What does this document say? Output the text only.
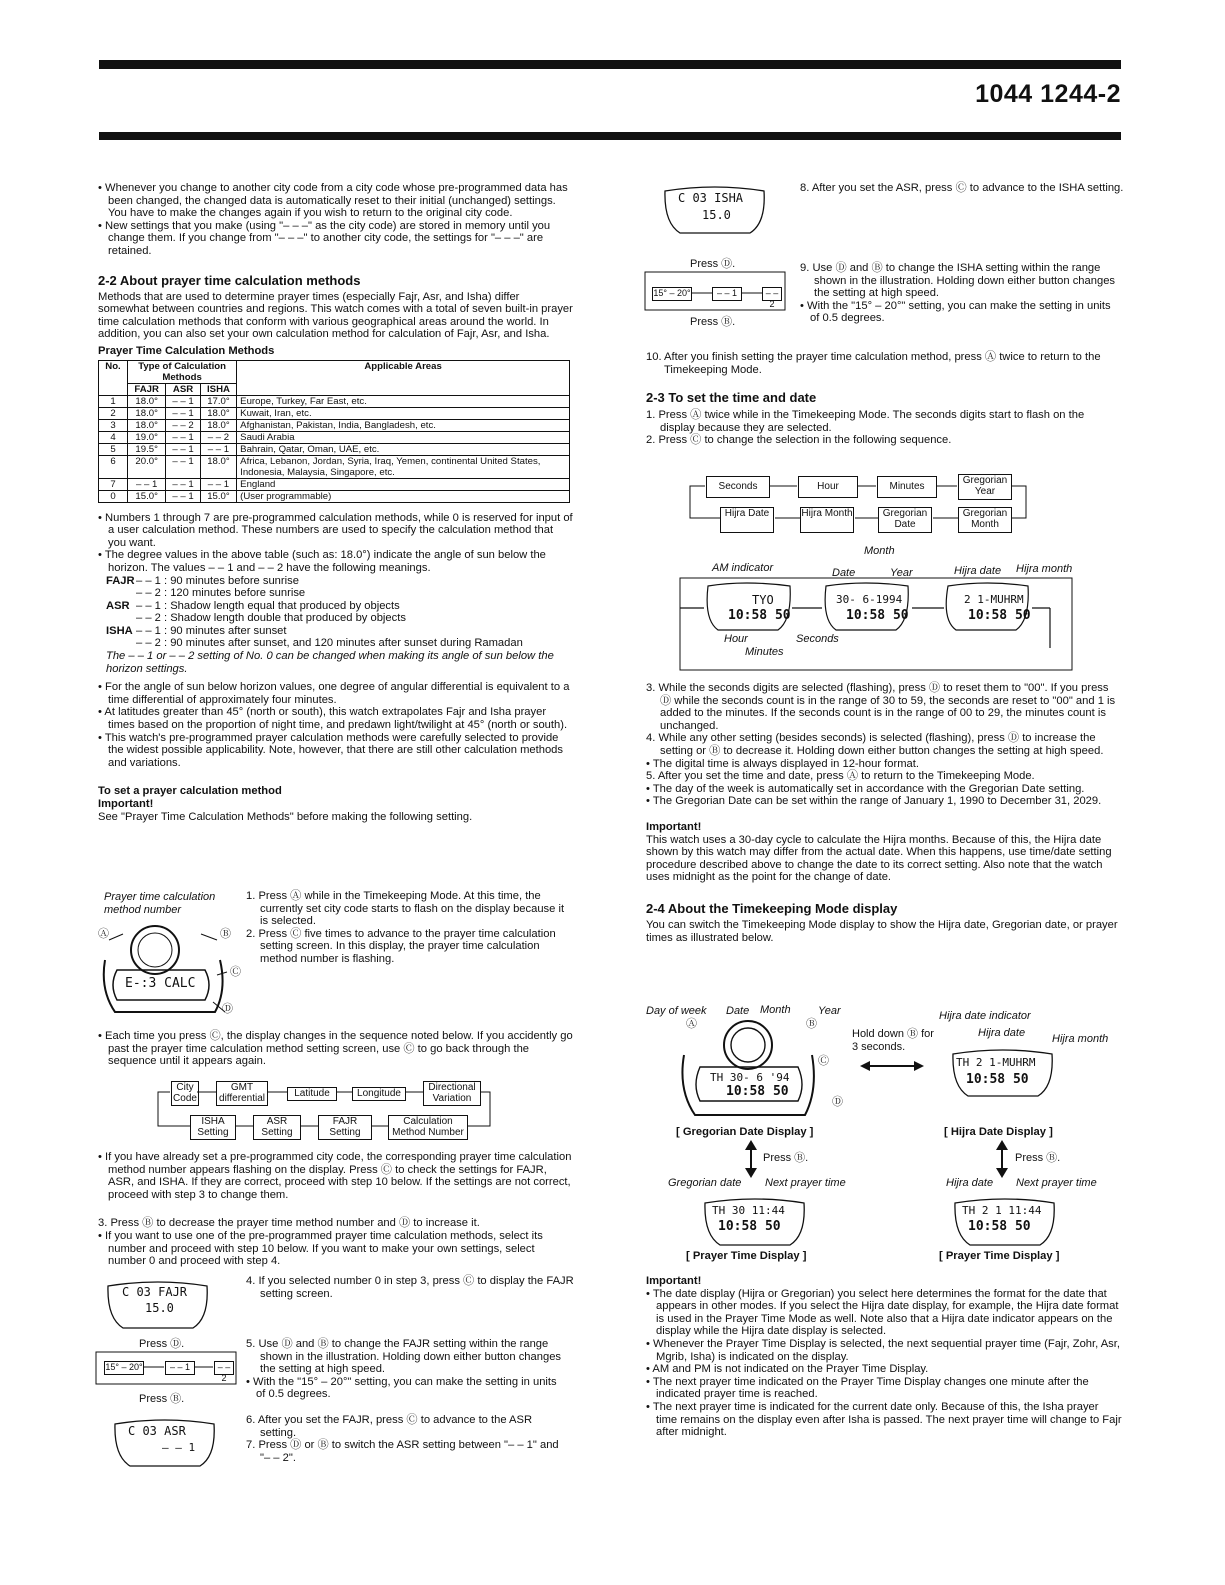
1044 1244-2

• Whenever you change to another city code from a city code whose pre-programmed data has been changed, the changed data is automatically reset to their initial (unchanged) settings. You have to make the changes again if you wish to return to the original city code.

• New settings that you make (using "– – –" as the city code) are stored in memory until you change them. If you change from "– – –" to another city code, the settings for "– – –" are retained.

2-2 About prayer time calculation methods

Methods that are used to determine prayer times (especially Fajr, Asr, and Isha) differ somewhat between countries and regions. This watch comes with a total of seven built-in prayer time calculation methods that conform with various geographical areas around the world. In addition, you can also set your own calculation method for calculation of Fajr, Asr, and Isha.

Prayer Time Calculation Methods

No.	Type of Calculation Methods			Applicable Areas
	FAJR	ASR	ISHA	
1	18.0°	– – 1	17.0°	Europe, Turkey, Far East, etc.
2	18.0°	– – 1	18.0°	Kuwait, Iran, etc.
3	18.0°	– – 2	18.0°	Afghanistan, Pakistan, India, Bangladesh, etc.
4	19.0°	– – 1	– – 2	Saudi Arabia
5	19.5°	– – 1	– – 1	Bahrain, Qatar, Oman, UAE, etc.
6	20.0°	– – 1	18.0°	Africa, Lebanon, Jordan, Syria, Iraq, Yemen, continental United States, Indonesia, Malaysia, Singapore, etc.
7	– – 1	– – 1	– – 1	England
0	15.0°	– – 1	15.0°	(User programmable)

• Numbers 1 through 7 are pre-programmed calculation methods, while 0 is reserved for input of a user calculation method. These numbers are used to specify the calculation method that you want.

• The degree values in the above table (such as: 18.0°) indicate the angle of sun below the horizon. The values – – 1 and – – 2 have the following meanings.

FAJR – – 1 : 90 minutes before sunrise
– – 2 : 120 minutes before sunrise
ASR – – 1 : Shadow length equal that produced by objects
– – 2 : Shadow length double that produced by objects
ISHA – – 1 : 90 minutes after sunset
– – 2 : 90 minutes after sunset, and 120 minutes after sunset during Ramadan

The – – 1 or – – 2 setting of No. 0 can be changed when making its angle of sun below the horizon settings.

• For the angle of sun below horizon values, one degree of angular differential is equivalent to a time differential of approximately four minutes.

• At latitudes greater than 45° (north or south), this watch extrapolates Fajr and Isha prayer times based on the proportion of night time, and predawn light/twilight at 45° (north or south).

• This watch's pre-programmed prayer calculation methods were carefully selected to provide the widest possible applicability. Note, however, that there are still other calculation methods and variations.

To set a prayer calculation method

Important!

See "Prayer Time Calculation Methods" before making the following setting.

Prayer time calculation method number
Ⓐ	Ⓑ
Ⓒ
Ⓓ
E‑:3 CALC

1. Press Ⓐ while in the Timekeeping Mode. At this time, the currently set city code starts to flash on the display because it is selected.

2. Press Ⓒ five times to advance to the prayer time calculation setting screen. In this display, the prayer time calculation method number is flashing.

• Each time you press Ⓒ, the display changes in the sequence noted below. If you accidently go past the prayer time calculation method setting screen, use Ⓒ to go back through the sequence until it appears again.

City Code
GMT differential	Latitude	Longitude
Directional Variation
ISHA Setting
ASR Setting
FAJR Setting
Calculation Method Number

• If you have already set a pre-programmed city code, the corresponding prayer time calculation method number appears flashing on the display. Press Ⓒ to check the settings for FAJR, ASR, and ISHA. If they are correct, proceed with step 10 below. If the settings are not correct, proceed with step 3 to change them.

3. Press Ⓑ to decrease the prayer time method number and Ⓓ to increase it.

• If you want to use one of the pre-programmed prayer time calculation methods, select its number and proceed with step 10 below. If you want to make your own settings, select number 0 and proceed with step 4.

C 03 FAJR
15.0
4. If you selected number 0 in step 3, press Ⓒ to display the FAJR setting screen.
Press Ⓓ.
15° – 20°	– – 1	– – 2
Press Ⓑ.

5. Use Ⓓ and Ⓑ to change the FAJR setting within the range shown in the illustration. Holding down either button changes the setting at high speed.

• With the "15° – 20°" setting, you can make the setting in units of 0.5 degrees.

C 03 ASR
– – 1

6. After you set the FAJR, press Ⓒ to advance to the ASR setting.

7. Press Ⓓ or Ⓑ to switch the ASR setting between "– – 1" and "– – 2".

C 03 ISHA
15.0
8. After you set the ASR, press Ⓒ to advance to the ISHA setting.
Press Ⓓ.
15° – 20°	– – 1	– – 2
Press Ⓑ.

9. Use Ⓓ and Ⓑ to change the ISHA setting within the range shown in the illustration. Holding down either button changes the setting at high speed.

• With the "15° – 20°" setting, you can make the setting in units of 0.5 degrees.

10. After you finish setting the prayer time calculation method, press Ⓐ twice to return to the Timekeeping Mode.

2-3 To set the time and date

1. Press Ⓐ twice while in the Timekeeping Mode. The seconds digits start to flash on the display because they are selected.

2. Press Ⓒ to change the selection in the following sequence.

Seconds	Hour	Minutes
Gregorian Year
Hijra Date	Hijra Month	Gregorian Date
Gregorian Month
Month
AM indicator	Date	Year	Hijra date Hijra month
TYO
10:58 50
30- 6-1994
10:58 50
2 1-MUHRM
10:58 50
Hour	Seconds
Minutes

3. While the seconds digits are selected (flashing), press Ⓓ to reset them to "00". If you press Ⓓ while the seconds count is in the range of 30 to 59, the seconds are reset to "00" and 1 is added to the minutes. If the seconds count is in the range of 00 to 29, the minutes count is unchanged.

4. While any other setting (besides seconds) is selected (flashing), press Ⓓ to increase the setting or Ⓑ to decrease it. Holding down either button changes the setting at high speed.

• The digital time is always displayed in 12-hour format.

5. After you set the time and date, press Ⓐ to return to the Timekeeping Mode.

• The day of the week is automatically set in accordance with the Gregorian Date setting.

• The Gregorian Date can be set within the range of January 1, 1990 to December 31, 2029.

Important!

This watch uses a 30-day cycle to calculate the Hijra months. Because of this, the Hijra date shown by this watch may differ from the actual date. When this happens, use time/date setting procedure described above to change the date to its correct setting. Also note that the watch uses midnight as the point for the change of date.

2-4 About the Timekeeping Mode display

You can switch the Timekeeping Mode display to show the Hijra date, Gregorian date, or prayer times as illustrated below.

Day of week Date Month Year	Hijra date indicator
Hijra date Hijra month
Ⓐ	Ⓑ
Ⓒ
Ⓓ
TH 30- 6 '94
10:58 50
Hold down Ⓑ for 3 seconds.
TH 2 1-MUHRM
10:58 50
[ Gregorian Date Display ]	[ Hijra Date Display ]
Press Ⓑ.	Press Ⓑ.
Gregorian date Next prayer time	Hijra date Next prayer time
TH 30 11:44
10:58 50
TH 2 1 11:44
10:58 50
[ Prayer Time Display ]	[ Prayer Time Display ]

Important!

• The date display (Hijra or Gregorian) you select here determines the format for the date that appears in other modes. If you select the Hijra date display, for example, the Hijra date format is used in the Prayer Time Mode as well. Note also that a Hijra date indicator appears on the display while the Hijra date display is selected.

• Whenever the Prayer Time Display is selected, the next sequential prayer time (Fajr, Zohr, Asr, Mgrib, Isha) is indicated on the display.

• AM and PM is not indicated on the Prayer Time Display.

• The next prayer time indicated on the Prayer Time Display changes one minute after the indicated prayer time is reached.

• The next prayer time is indicated for the current date only. Because of this, the Isha prayer time remains on the display even after Isha is passed. The next prayer time will change to Fajr after midnight.
